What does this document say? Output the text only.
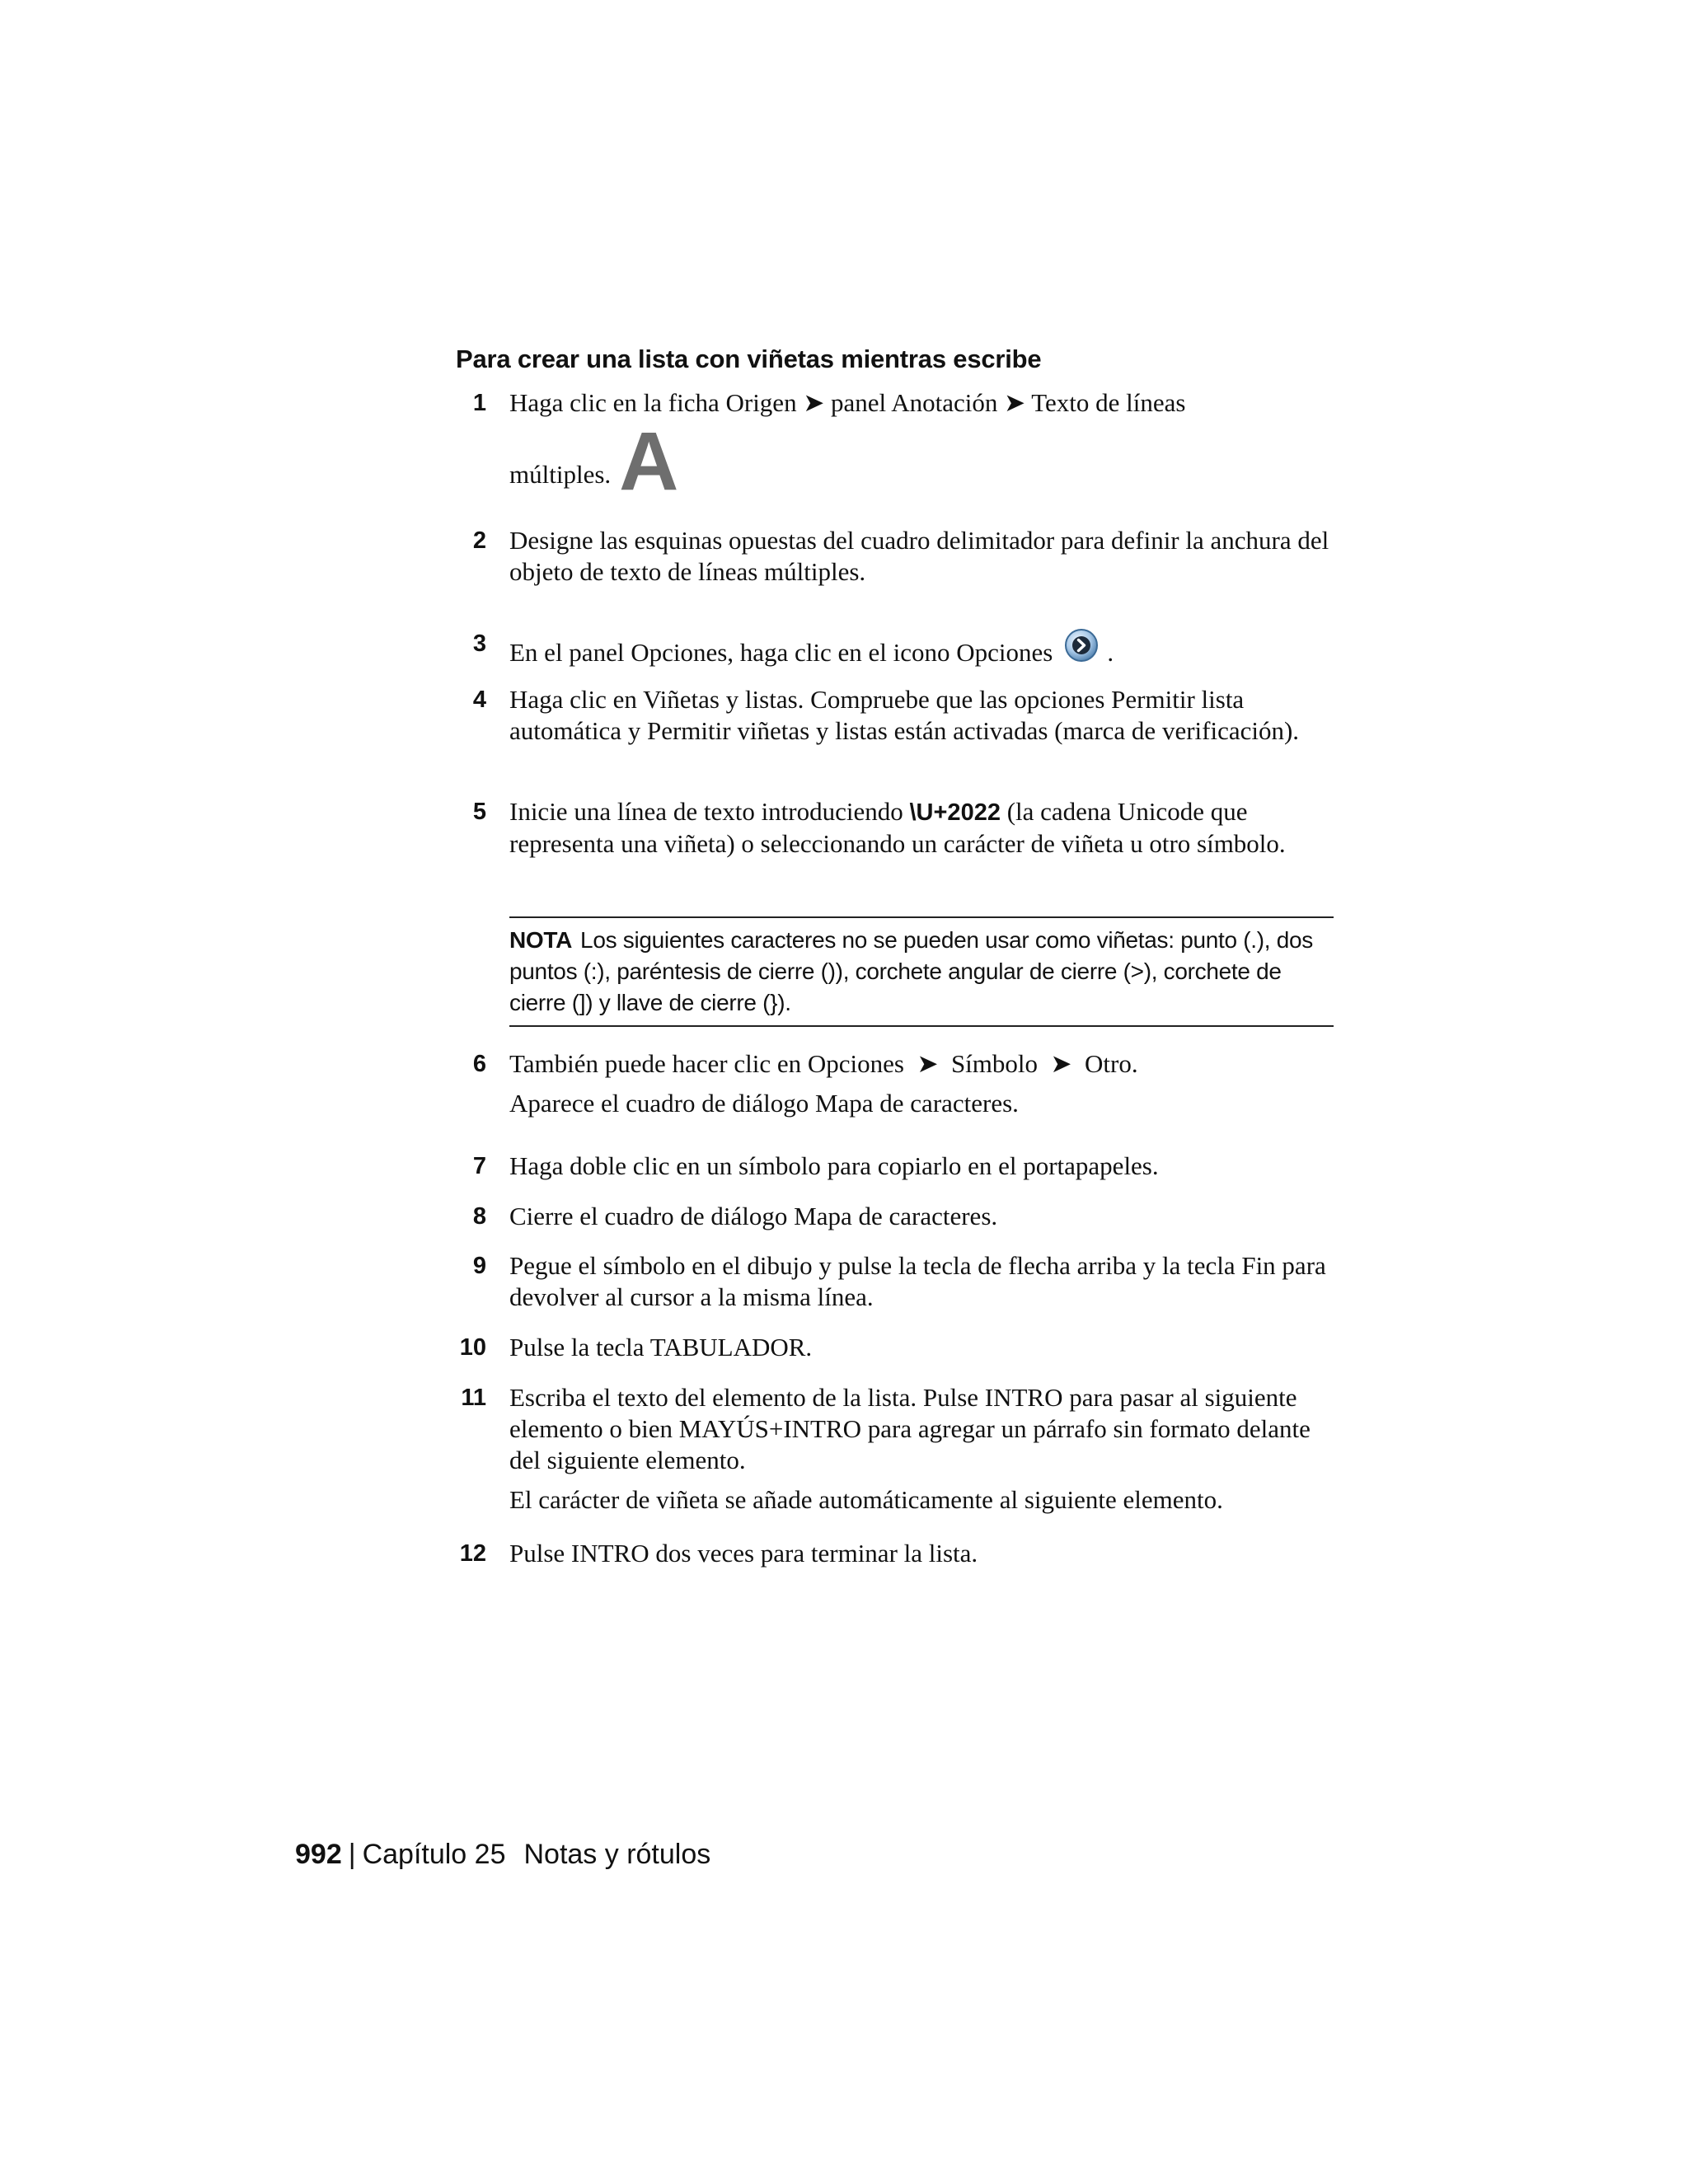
Para crear una lista con viñetas mientras escribe
1 Haga clic en la ficha Origen ➤ panel Anotación ➤ Texto de líneas

múltiples. A

2 Designe las esquinas opuestas del cuadro delimitador para definir la anchura del objeto de texto de líneas múltiples.

3 En el panel Opciones, haga clic en el icono Opciones .

4 Haga clic en Viñetas y listas. Compruebe que las opciones Permitir lista automática y Permitir viñetas y listas están activadas (marca de verificación).

5 Inicie una línea de texto introduciendo \U+2022 (la cadena Unicode que representa una viñeta) o seleccionando un carácter de viñeta u otro símbolo.

NOTA Los siguientes caracteres no se pueden usar como viñetas: punto (.), dos puntos (:), paréntesis de cierre ()), corchete angular de cierre (>), corchete de cierre (]) y llave de cierre (}).
6 También puede hacer clic en Opciones  ➤  Símbolo  ➤  Otro.

Aparece el cuadro de diálogo Mapa de caracteres.

7 Haga doble clic en un símbolo para copiarlo en el portapapeles.

8 Cierre el cuadro de diálogo Mapa de caracteres.

9 Pegue el símbolo en el dibujo y pulse la tecla de flecha arriba y la tecla Fin para devolver al cursor a la misma línea.

10 Pulse la tecla TABULADOR.

11 Escriba el texto del elemento de la lista. Pulse INTRO para pasar al siguiente elemento o bien MAYÚS+INTRO para agregar un párrafo sin formato delante del siguiente elemento.

El carácter de viñeta se añade automáticamente al siguiente elemento.

12 Pulse INTRO dos veces para terminar la lista.

992 | Capítulo 25 Notas y rótulos
